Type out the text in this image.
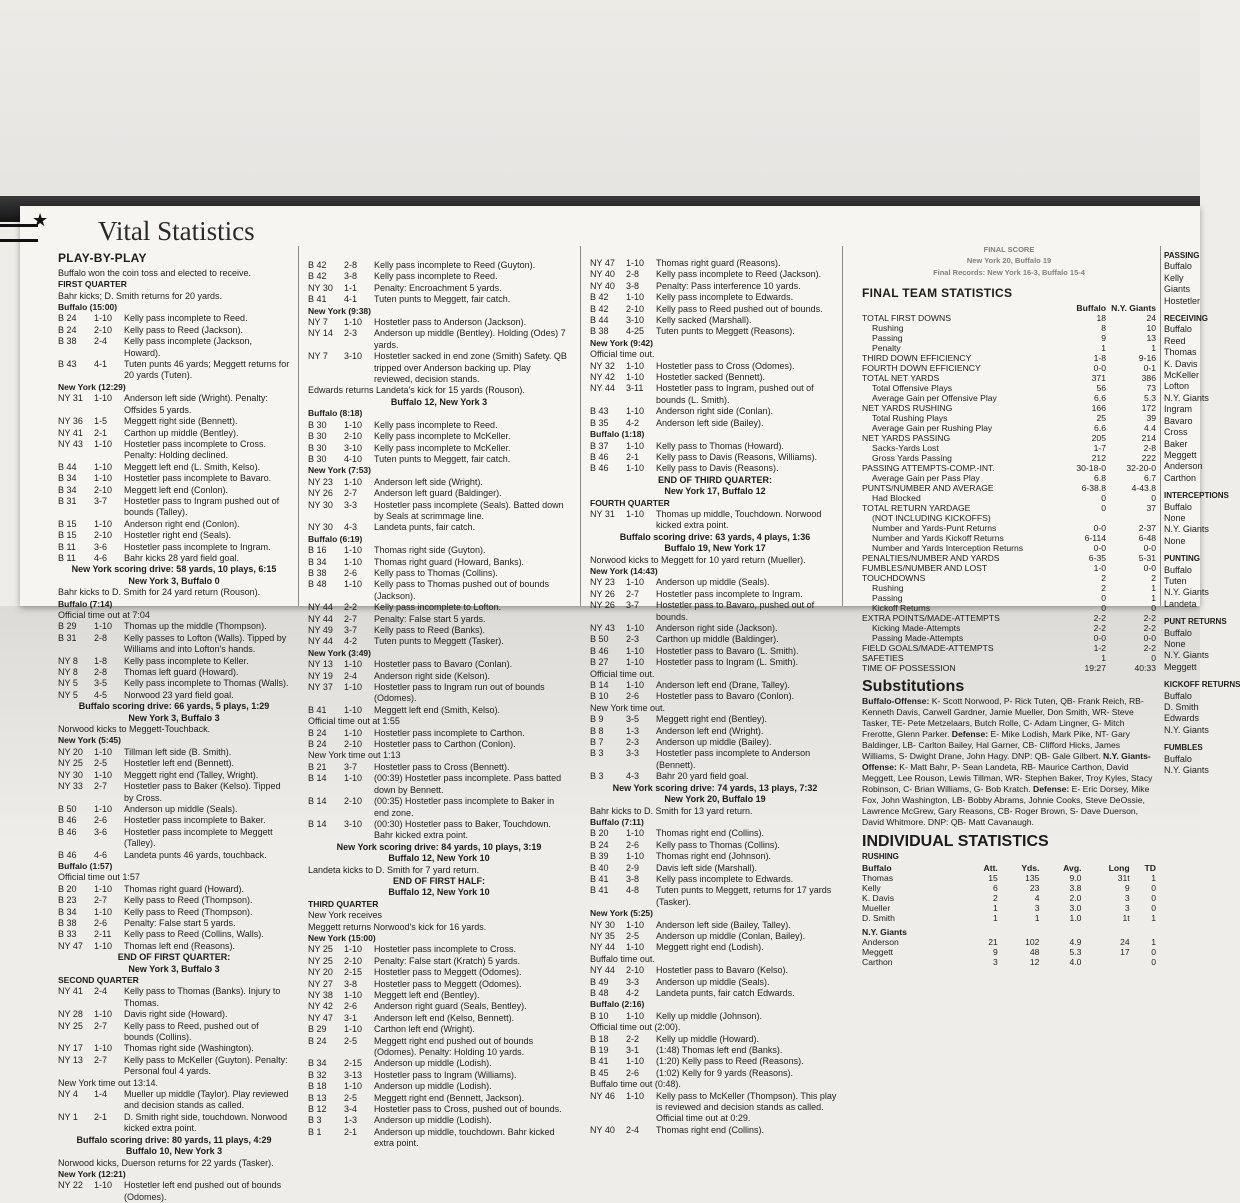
Vital Statistics
PLAY-BY-PLAY
Buffalo won the coin toss and elected to receive.
FIRST QUARTER
Bahr kicks; D. Smith returns for 20 yards.
Buffalo (15:00)
B 24	1-10	Kelly pass incomplete to Reed.
B 24	2-10	Kelly pass to Reed (Jackson).
B 38	2-4	Kelly pass incomplete (Jackson, Howard).
B 43	4-1	Tuten punts 46 yards; Meggett returns for 20 yards (Tuten).
New York (12:29)
NY 31	1-10	Anderson left side (Wright). Penalty: Offsides 5 yards.
NY 36	1-5	Meggett right side (Bennett).
NY 41	2-1	Carthon up middle (Bentley).
NY 43	1-10	Hostetler pass incomplete to Cross. Penalty: Holding declined.
B 44	1-10	Meggett left end (L. Smith, Kelso).
B 34	1-10	Hostetler pass incomplete to Bavaro.
B 34	2-10	Meggett left end (Conlon).
B 31	3-7	Hostetler pass to Ingram pushed out of bounds (Talley).
B 15	1-10	Anderson right end (Conlon).
B 15	2-10	Hostetler right end (Seals).
B 11	3-6	Hostetler pass incomplete to Ingram.
B 11	4-6	Bahr kicks 28 yard field goal.
New York scoring drive: 58 yards, 10 plays, 6:15
New York 3, Buffalo 0
Bahr kicks to D. Smith for 24 yard return (Rouson).
Buffalo (7:14)
Official time out at 7:04
B 29	1-10	Thomas up the middle (Thompson).
B 31	2-8	Kelly passes to Lofton (Walls). Tipped by Williams and into Lofton's hands.
NY 8	1-8	Kelly pass incomplete to Keller.
NY 8	2-8	Thomas left guard (Howard).
NY 5	3-5	Kelly pass incomplete to Thomas (Walls).
NY 5	4-5	Norwood 23 yard field goal.
Buffalo scoring drive: 66 yards, 5 plays, 1:29
New York 3, Buffalo 3
Norwood kicks to Meggett-Touchback.
New York (5:45)
NY 20	1-10	Tillman left side (B. Smith).
NY 25	2-5	Hostetler left end (Bennett).
NY 30	1-10	Meggett right end (Talley, Wright).
NY 33	2-7	Hostetler pass to Baker (Kelso). Tipped by Cross.
B 50	1-10	Anderson up middle (Seals).
B 46	2-6	Hostetler pass incomplete to Baker.
B 46	3-6	Hostetler pass incomplete to Meggett (Talley).
B 46	4-6	Landeta punts 46 yards, touchback.
Buffalo (1:57)
Official time out 1:57
B 20	1-10	Thomas right guard (Howard).
B 23	2-7	Kelly pass to Reed (Thompson).
B 34	1-10	Kelly pass to Reed (Thompson).
B 38	2-6	Penalty: False start 5 yards.
B 33	2-11	Kelly pass to Reed (Collins, Walls).
NY 47	1-10	Thomas left end (Reasons).
END OF FIRST QUARTER:
New York 3, Buffalo 3
SECOND QUARTER
NY 41	2-4	Kelly pass to Thomas (Banks). Injury to Thomas.
NY 28	1-10	Davis right side (Howard).
NY 25	2-7	Kelly pass to Reed, pushed out of bounds (Collins).
NY 17	1-10	Thomas right side (Washington).
NY 13	2-7	Kelly pass to McKeller (Guyton). Penalty: Personal foul 4 yards.
New York time out 13:14.
NY 4	1-4	Mueller up middle (Taylor). Play reviewed and decision stands as called.
NY 1	2-1	D. Smith right side, touchdown. Norwood kicked extra point.
Buffalo scoring drive: 80 yards, 11 plays, 4:29
Buffalo 10, New York 3
Norwood kicks, Duerson returns for 22 yards (Tasker).
New York (12:21)
NY 22	1-10	Hostetler left end pushed out of bounds (Odomes).
B 42	2-8	Kelly pass incomplete to Reed (Guyton).
B 42	3-8	Kelly pass incomplete to Reed.
NY 30	1-1	Penalty: Encroachment 5 yards.
B 41	4-1	Tuten punts to Meggett, fair catch.
New York (9:38)
NY 7	1-10	Hostetler pass to Anderson (Jackson).
NY 14	2-3	Anderson up middle (Bentley). Holding (Odes) 7 yards.
NY 7	3-10	Hostetler sacked in end zone (Smith) Safety. QB tripped over Anderson backing up. Play reviewed, decision stands.
Edwards returns Landeta's kick for 15 yards (Rouson).
Buffalo 12, New York 3
Buffalo (8:18)
B 30	1-10	Kelly pass incomplete to Reed.
B 30	2-10	Kelly pass incomplete to McKeller.
B 30	3-10	Kelly pass incomplete to McKeller.
B 30	4-10	Tuten punts to Meggett, fair catch.
New York (7:53)
NY 23	1-10	Anderson left side (Wright).
NY 26	2-7	Anderson left guard (Baldinger).
NY 30	3-3	Hostetler pass incomplete (Seals). Batted down by Seals at scrimmage line.
NY 30	4-3	Landeta punts, fair catch.
Buffalo (6:19)
B 16	1-10	Thomas right side (Guyton).
B 34	1-10	Thomas right guard (Howard, Banks).
B 38	2-6	Kelly pass to Thomas (Collins).
B 48	1-10	Kelly pass to Thomas pushed out of bounds (Jackson).
NY 44	2-2	Kelly pass incomplete to Lofton.
NY 44	2-7	Penalty: False start 5 yards.
NY 49	3-7	Kelly pass to Reed (Banks).
NY 44	4-2	Tuten punts to Meggett (Tasker).
New York (3:49)
NY 13	1-10	Hostetler pass to Bavaro (Conlan).
NY 19	2-4	Anderson right side (Kelson).
NY 37	1-10	Hostetler pass to Ingram run out of bounds (Odomes).
B 41	1-10	Meggett left end (Smith, Kelso).
Official time out at 1:55
B 24	1-10	Hostetler pass incomplete to Carthon.
B 24	2-10	Hostetler pass to Carthon (Conlon).
New York time out 1:13
B 21	3-7	Hostetler pass to Cross (Bennett).
B 14	1-10	(00:39) Hostetler pass incomplete. Pass batted down by Bennett.
B 14	2-10	(00:35) Hostetler pass incomplete to Baker in end zone.
B 14	3-10	(00:30) Hostetler pass to Baker, Touchdown. Bahr kicked extra point.
New York scoring drive: 84 yards, 10 plays, 3:19
Buffalo 12, New York 10
Landeta kicks to D. Smith for 7 yard return.
END OF FIRST HALF:
Buffalo 12, New York 10
THIRD QUARTER
New York receives
Meggett returns Norwood's kick for 16 yards.
New York (15:00)
NY 25	1-10	Hostetler pass incomplete to Cross.
NY 25	2-10	Penalty: False start (Kratch) 5 yards.
NY 20	2-15	Hostetler pass to Meggett (Odomes).
NY 27	3-8	Hostetler pass to Meggett (Odomes).
NY 38	1-10	Meggett left end (Bentley).
NY 42	2-6	Anderson right guard (Seals, Bentley).
NY 47	3-1	Anderson left end (Kelso, Bennett).
B 29	1-10	Carthon left end (Wright).
B 24	2-5	Meggett right end pushed out of bounds (Odomes). Penalty: Holding 10 yards.
B 34	2-15	Anderson up middle (Lodish).
B 32	3-13	Hostetler pass to Ingram (Williams).
B 18	1-10	Anderson up middle (Lodish).
B 13	2-5	Meggett right end (Bennett, Jackson).
B 12	3-4	Hostetler pass to Cross, pushed out of bounds.
B 3	1-3	Anderson up middle (Lodish).
B 1	2-1	Anderson up middle, touchdown. Bahr kicked extra point.
NY 47	1-10	Thomas right guard (Reasons).
NY 40	2-8	Kelly pass incomplete to Reed (Jackson).
NY 40	3-8	Penalty: Pass interference 10 yards.
B 42	1-10	Kelly pass incomplete to Edwards.
B 42	2-10	Kelly pass to Reed pushed out of bounds.
B 44	3-10	Kelly sacked (Marshall).
B 38	4-25	Tuten punts to Meggett (Reasons).
New York (9:42)
Official time out.
NY 32	1-10	Hostetler pass to Cross (Odomes).
NY 42	1-10	Hostetler sacked (Bennett).
NY 44	3-11	Hostetler pass to Ingram, pushed out of bounds (L. Smith).
B 43	1-10	Anderson right side (Conlan).
B 35	4-2	Anderson left side (Bailey).
Buffalo (1:18)
B 37	1-10	Kelly pass to Thomas (Howard).
B 46	2-1	Kelly pass to Davis (Reasons, Williams).
B 46	1-10	Kelly pass to Davis (Reasons).
END OF THIRD QUARTER:
New York 17, Buffalo 12
FOURTH QUARTER
NY 31	1-10	Thomas up middle, Touchdown. Norwood kicked extra point.
Buffalo scoring drive: 63 yards, 4 plays, 1:36
Buffalo 19, New York 17
Norwood kicks to Meggett for 10 yard return (Mueller).
New York (14:43)
NY 23	1-10	Anderson up middle (Seals).
NY 26	2-7	Hostetler pass incomplete to Ingram.
NY 26	3-7	Hostetler pass to Bavaro, pushed out of bounds.
NY 43	1-10	Anderson right side (Jackson).
B 50	2-3	Carthon up middle (Baldinger).
B 46	1-10	Hostetler pass to Bavaro (L. Smith).
B 27	1-10	Hostetler pass to Ingram (L. Smith).
Official time out.
B 14	1-10	Anderson left end (Drane, Talley).
B 10	2-6	Hostetler pass to Bavaro (Conlon).
New York time out.
B 9	3-5	Meggett right end (Bentley).
B 8	1-3	Anderson left end (Wright).
B 7	2-3	Anderson up middle (Bailey).
B 3	3-3	Hostetler pass incomplete to Anderson (Bennett).
B 3	4-3	Bahr 20 yard field goal.
New York scoring drive: 74 yards, 13 plays, 7:32
New York 20, Buffalo 19
Bahr kicks to D. Smith for 13 yard return.
Buffalo (7:11)
B 20	1-10	Thomas right end (Collins).
B 24	2-6	Kelly pass to Thomas (Collins).
B 39	1-10	Thomas right end (Johnson).
B 40	2-9	Davis left side (Marshall).
B 41	3-8	Kelly pass incomplete to Edwards.
B 41	4-8	Tuten punts to Meggett, returns for 17 yards (Tasker).
New York (5:25)
NY 30	1-10	Anderson left side (Bailey, Talley).
NY 35	2-5	Anderson up middle (Conlan, Bailey).
NY 44	1-10	Meggett right end (Lodish).
Buffalo time out.
NY 44	2-10	Hostetler pass to Bavaro (Kelso).
B 49	3-3	Anderson up middle (Seals).
B 48	4-2	Landeta punts, fair catch Edwards.
Buffalo (2:16)
B 10	1-10	Kelly up middle (Johnson).
Official time out (2:00).
B 18	2-2	Kelly up middle (Howard).
B 19	3-1	(1:48) Thomas left end (Banks).
B 41	1-10	(1:20) Kelly pass to Reed (Reasons).
B 45	2-6	(1:02) Kelly for 9 yards (Reasons).
Buffalo time out (0:48).
NY 46	1-10	Kelly pass to McKeller (Thompson). This play is reviewed and decision stands as called. Official time out at 0:29.
NY 40	2-4	Thomas right end (Collins).
FINAL SCORE
New York 20, Buffalo 19
Final Records: New York 16-3, Buffalo 15-4
FINAL TEAM STATISTICS
	Buffalo	N.Y. Giants
TOTAL FIRST DOWNS	18	24
Rushing	8	10
Passing	9	13
Penalty	1	1
THIRD DOWN EFFICIENCY	1-8	9-16
FOURTH DOWN EFFICIENCY	0-0	0-1
TOTAL NET YARDS	371	386
Total Offensive Plays	56	73
Average Gain per Offensive Play	6.6	5.3
NET YARDS RUSHING	166	172
Total Rushing Plays	25	39
Average Gain per Rushing Play	6.6	4.4
NET YARDS PASSING	205	214
Sacks-Yards Lost	1-7	2-8
Gross Yards Passing	212	222
PASSING ATTEMPTS-COMP.-INT.	30-18-0	32-20-0
Average Gain per Pass Play	6.8	6.7
PUNTS/NUMBER AND AVERAGE	6-38.8	4-43.8
Had Blocked	0	0
TOTAL RETURN YARDAGE	0	37
(NOT INCLUDING KICKOFFS)		
Number and Yards-Punt Returns	0-0	2-37
Number and Yards Kickoff Returns	6-114	6-48
Number and Yards Interception Returns	0-0	0-0
PENALTIES/NUMBER AND YARDS	6-35	5-31
FUMBLES/NUMBER AND LOST	1-0	0-0
TOUCHDOWNS	2	2
Rushing	2	1
Passing	0	1
Kickoff Returns	0	0
EXTRA POINTS/MADE-ATTEMPTS	2-2	2-2
Kicking Made-Attempts	2-2	2-2
Passing Made-Attempts	0-0	0-0
FIELD GOALS/MADE-ATTEMPTS	1-2	2-2
SAFETIES	1	0
TIME OF POSSESSION	19:27	40:33
Substitutions
Buffalo-Offense: K- Scott Norwood, P- Rick Tuten, QB- Frank Reich, RB- Kenneth Davis, Carwell Gardner, Jamie Mueller, Don Smith, WR- Steve Tasker, TE- Pete Metzelaars, Butch Rolle, C- Adam Lingner, G- Mitch Frerotte, Glenn Parker. Defense: E- Mike Lodish, Mark Pike, NT- Gary Baldinger, LB- Carlton Bailey, Hal Garner, CB- Clifford Hicks, James Williams, S- Dwight Drane, John Hagy. DNP: QB- Gale Gilbert. N.Y. Giants-Offense: K- Matt Bahr, P- Sean Landeta, RB- Maurice Carthon, David Meggett, Lee Rouson, Lewis Tillman, WR- Stephen Baker, Troy Kyles, Stacy Robinson, C- Brian Williams, G- Bob Kratch. Defense: E- Eric Dorsey, Mike Fox, John Washington, LB- Bobby Abrams, Johnie Cooks, Steve DeOssie, Lawrence McGrew, Gary Reasons, CB- Roger Brown, S- Dave Duerson, David Whitmore. DNP: QB- Matt Cavanaugh.
INDIVIDUAL STATISTICS
RUSHING
Buffalo	Att.	Yds.	Avg.	Long	TD
Thomas	15	135	9.0	31t	1
Kelly	6	23	3.8	9	0
K. Davis	2	4	2.0	3	0
Mueller	1	3	3.0	3	0
D. Smith	1	1	1.0	1t	1
N.Y. Giants					
Anderson	21	102	4.9	24	1
Meggett	9	48	5.3	17	0
Carthon	3	12	4.0		0
PASSING
Buffalo
Kelly
Giants
Hostetler
RECEIVING
Buffalo
Reed
Thomas
K. Davis
McKeller
Lofton
N.Y. Giants
Ingram
Bavaro
Cross
Baker
Meggett
Anderson
Carthon
INTERCEPTIONS
Buffalo
None
N.Y. Giants
None
PUNTING
Buffalo
Tuten
N.Y. Giants
Landeta
PUNT RETURNS
Buffalo
None
N.Y. Giants
Meggett
KICKOFF RETURNS
Buffalo
D. Smith
Edwards
N.Y. Giants
FUMBLES
Buffalo
N.Y. Giants
★
